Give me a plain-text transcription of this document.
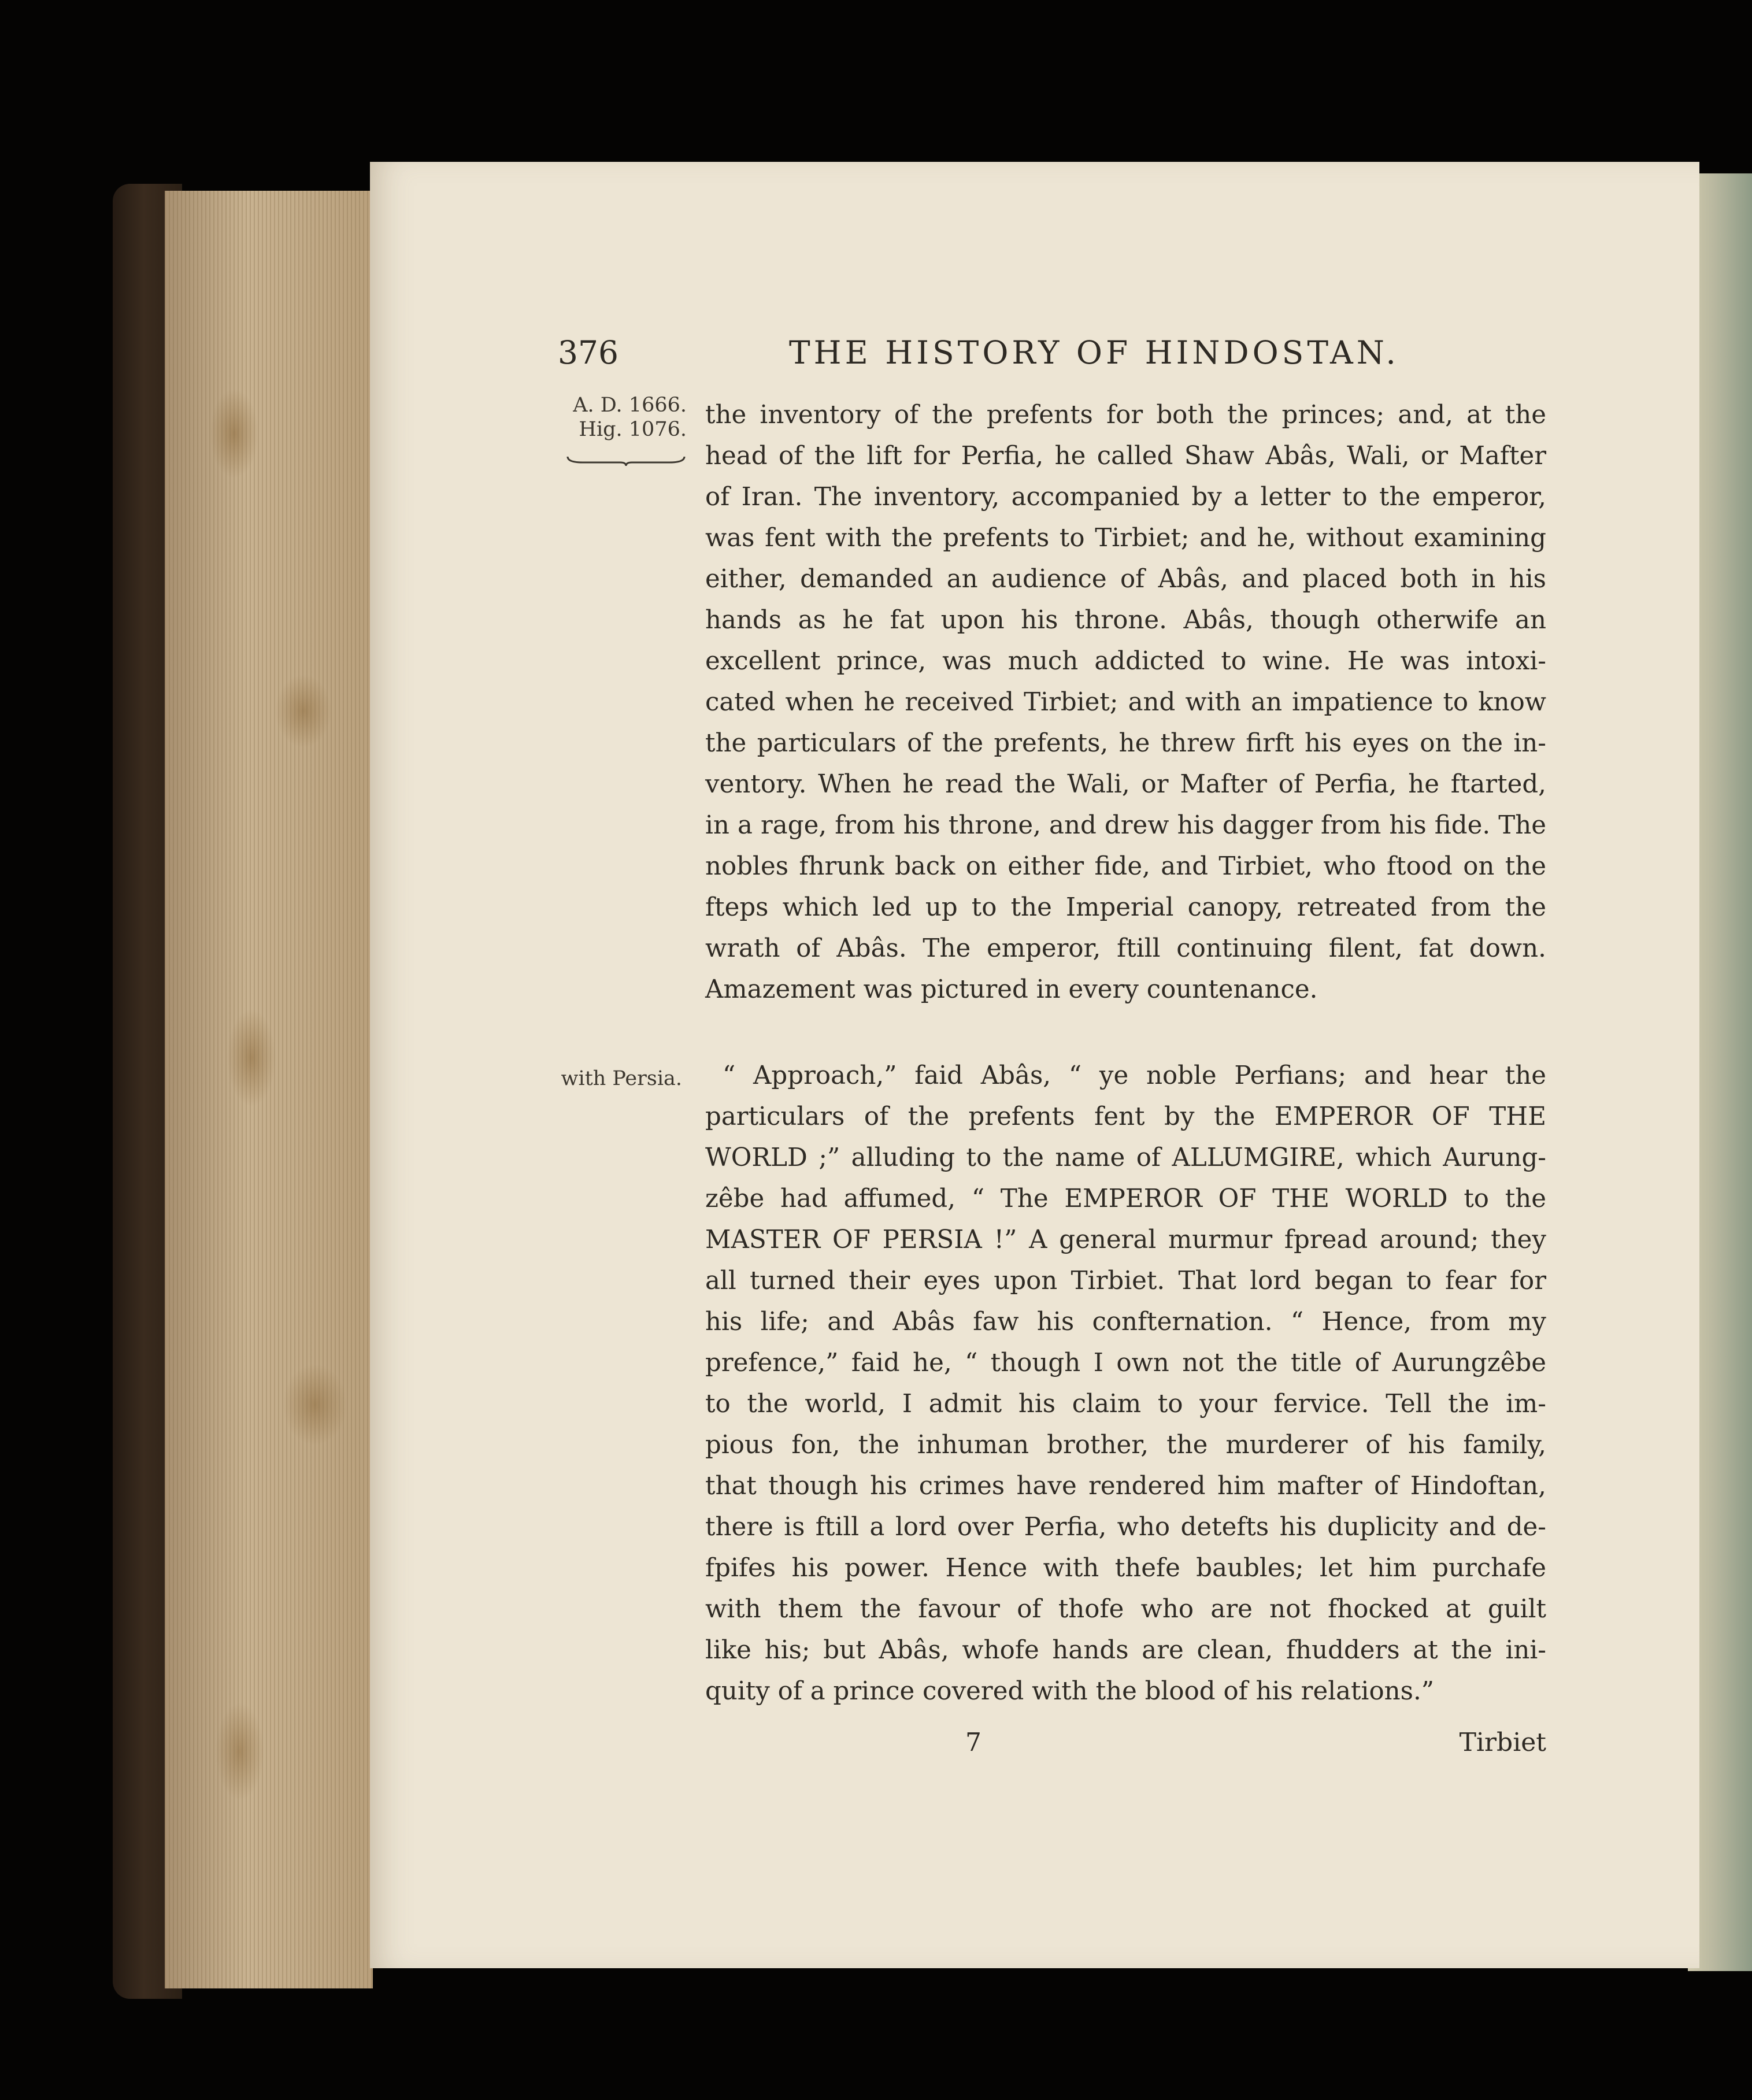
376	THE HISTORY OF HINDOSTAN.
A. D. 1666.
Hig. 1076.
with Persia.
the inventory of the prefents for both the princes; and, at the
head of the lift for Perfia, he called Shaw Abâs, Wali, or Mafter
of Iran. The inventory, accompanied by a letter to the emperor,
was fent with the prefents to Tirbiet; and he, without examining
either, demanded an audience of Abâs, and placed both in his
hands as he fat upon his throne. Abâs, though otherwife an
excellent prince, was much addicted to wine. He was intoxi-
cated when he received Tirbiet; and with an impatience to know
the particulars of the prefents, he threw firft his eyes on the in-
ventory. When he read the Wali, or Mafter of Perfia, he ftarted,
in a rage, from his throne, and drew his dagger from his fide. The
nobles fhrunk back on either fide, and Tirbiet, who ftood on the
fteps which led up to the Imperial canopy, retreated from the
wrath of Abâs. The emperor, ftill continuing filent, fat down.
Amazement was pictured in every countenance.
“ Approach,” faid Abâs, “ ye noble Perfians; and hear the
particulars of the prefents fent by the EMPEROR OF THE
WORLD ;” alluding to the name of ALLUMGIRE, which Aurung-
zêbe had affumed, “ The EMPEROR OF THE WORLD to the
MASTER OF PERSIA !” A general murmur fpread around; they
all turned their eyes upon Tirbiet. That lord began to fear for
his life; and Abâs faw his confternation. “ Hence, from my
prefence,” faid he, “ though I own not the title of Aurungzêbe
to the world, I admit his claim to your fervice. Tell the im-
pious fon, the inhuman brother, the murderer of his family,
that though his crimes have rendered him mafter of Hindoftan,
there is ftill a lord over Perfia, who detefts his duplicity and de-
fpifes his power. Hence with thefe baubles; let him purchafe
with them the favour of thofe who are not fhocked at guilt
like his; but Abâs, whofe hands are clean, fhudders at the ini-
quity of a prince covered with the blood of his relations.”
7	Tirbiet
